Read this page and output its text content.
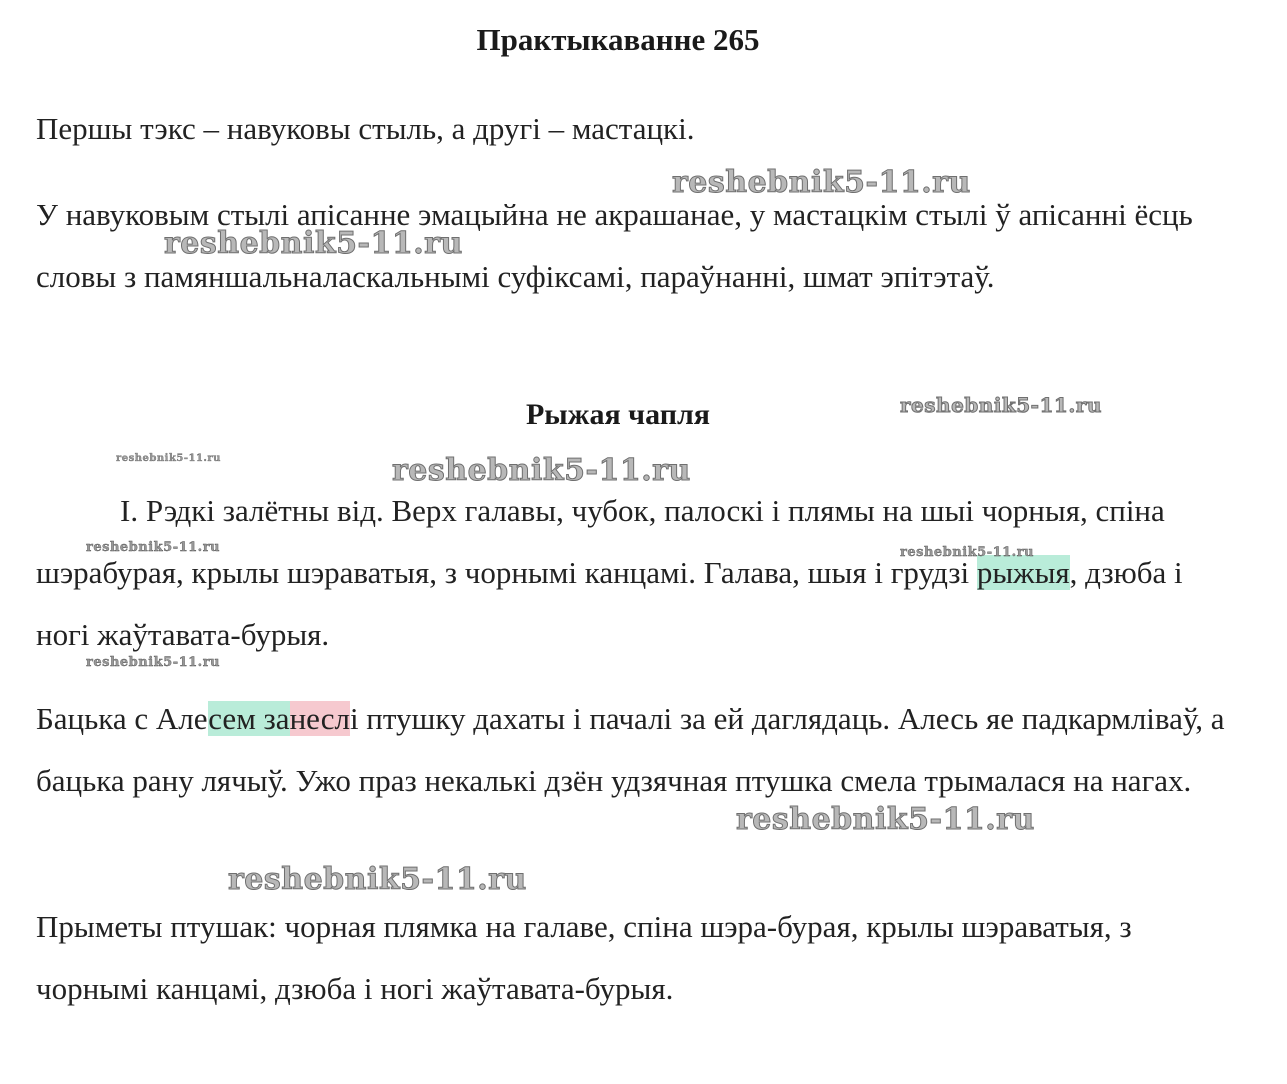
Практыкаванне 265

Першы тэкс – навуковы стыль, а другі – мастацкі.

У навуковым стылі апісанне эмацыйна не акрашанае, у мастацкім стылі ў апісанні ёсць словы з памяншальналаскальнымі суфіксамі, параўнанні, шмат эпітэтаў.

Рыжая чапля

І. Рэдкі залётны від. Верх галавы, чубок, палоскі і плямы на шыі чорныя, спіна шэрабурая, крылы шэраватыя, з чорнымі канцамі. Галава, шыя і грудзі рыжыя, дзюба і ногі жаўтавата-бурыя.

Бацька с Алесем занеслі птушку дахаты і пачалі за ей даглядаць. Алесь яе падкармліваў, а бацька рану лячыў. Ужо праз некалькі дзён удзячная птушка смела трымалася на нагах.

Прыметы птушак: чорная плямка на галаве, спіна шэра-бурая, крылы шэраватыя, з чорнымі канцамі, дзюба і ногі жаўтавата-бурыя.

reshebnik5-11.ru
reshebnik5-11.ru
reshebnik5-11.ru
reshebnik5-11.ru	reshebnik5-11.ru
reshebnik5-11.ru	reshebnik5-11.ru
reshebnik5-11.ru
reshebnik5-11.ru
reshebnik5-11.ru
